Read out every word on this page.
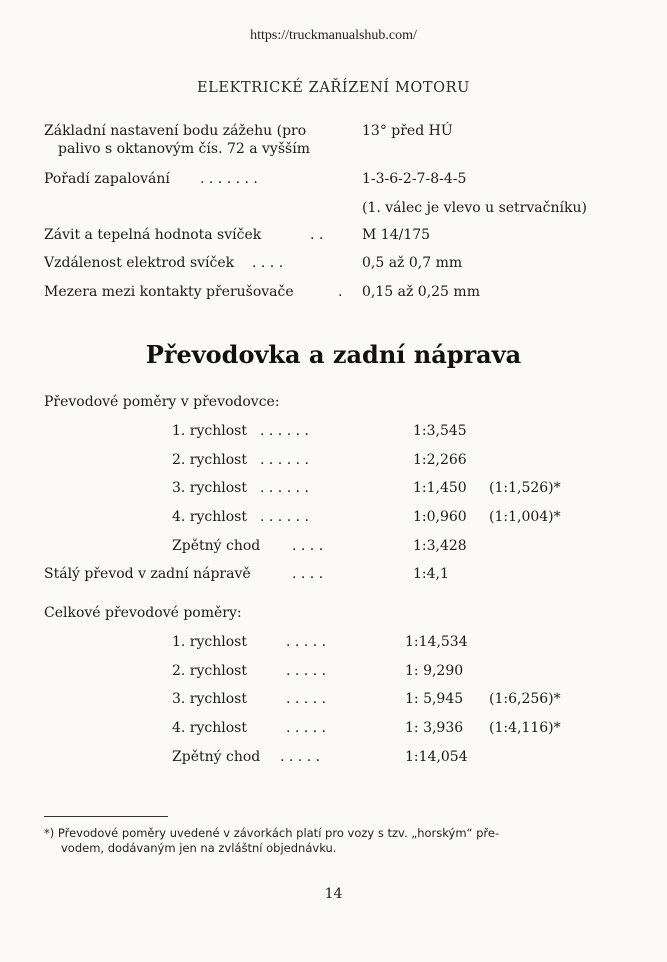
https://truckmanualshub.com/
ELEKTRICKÉ ZAŘÍZENÍ MOTORU
Základní nastavení bodu zážehu (pro
palivo s oktanovým čís. 72 a vyšším
13° před HÚ
Pořadí zapalování . . . . . . .	1-3-6-2-7-8-4-5
(1. válec je vlevo u setrvačníku)
Závit a tepelná hodnota svíček	. .	M 14/175
Vzdálenost elektrod svíček . . . .	0,5 až 0,7 mm
Mezera mezi kontakty přerušovače	. 0,15 až 0,25 mm
Převodovka a zadní náprava
Převodové poměry v převodovce:
1. rychlost . . . . . .	1:3,545
2. rychlost . . . . . .	1:2,266
3. rychlost . . . . . .	1:1,450 (1:1,526)*
4. rychlost . . . . . .	1:0,960 (1:1,004)*
Zpětný chod . . . .	1:3,428
Stálý převod v zadní nápravě	. . . .	1:4,1
Celkové převodové poměry:
1. rychlost	. . . . .	1:14,534
2. rychlost	. . . . .	1: 9,290
3. rychlost	. . . . .	1: 5,945 (1:6,256)*
4. rychlost	. . . . .	1: 3,936 (1:4,116)*
Zpětný chod . . . . .	1:14,054
*) Převodové poměry uvedené v závorkách platí pro vozy s tzv. „horským“ pře-
vodem, dodávaným jen na zvláštní objednávku.
14
